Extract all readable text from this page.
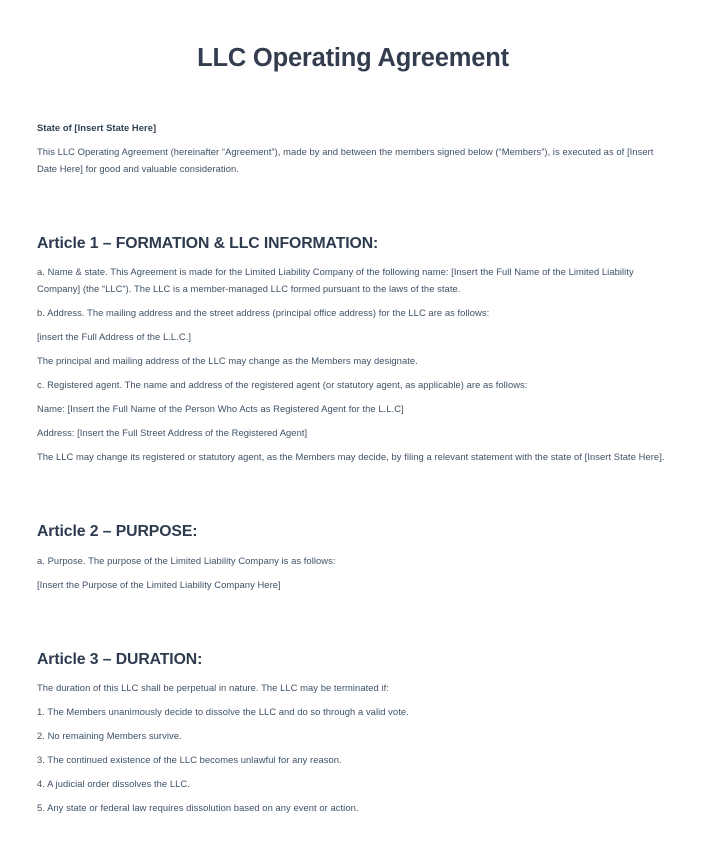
LLC Operating Agreement

State of [Insert State Here]

This LLC Operating Agreement (hereinafter “Agreement”), made by and between the members signed below (“Members”), is executed as of [Insert Date Here] for good and valuable consideration.

Article 1 – FORMATION & LLC INFORMATION:

a. Name & state. This Agreement is made for the Limited Liability Company of the following name: [Insert the Full Name of the Limited Liability Company] (the “LLC”). The LLC is a member-managed LLC formed pursuant to the laws of the state.

b. Address. The mailing address and the street address (principal office address) for the LLC are as follows:

[insert the Full Address of the L.L.C.]

The principal and mailing address of the LLC may change as the Members may designate.

c. Registered agent. The name and address of the registered agent (or statutory agent, as applicable) are as follows:

Name: [Insert the Full Name of the Person Who Acts as Registered Agent for the L.L.C]

Address: [Insert the Full Street Address of the Registered Agent]

The LLC may change its registered or statutory agent, as the Members may decide, by filing a relevant statement with the state of [Insert State Here].

Article 2 – PURPOSE:

a. Purpose. The purpose of the Limited Liability Company is as follows:

[Insert the Purpose of the Limited Liability Company Here]

Article 3 – DURATION:

The duration of this LLC shall be perpetual in nature. The LLC may be terminated if:

1. The Members unanimously decide to dissolve the LLC and do so through a valid vote.

2. No remaining Members survive.

3. The continued existence of the LLC becomes unlawful for any reason.

4. A judicial order dissolves the LLC.

5. Any state or federal law requires dissolution based on any event or action.
